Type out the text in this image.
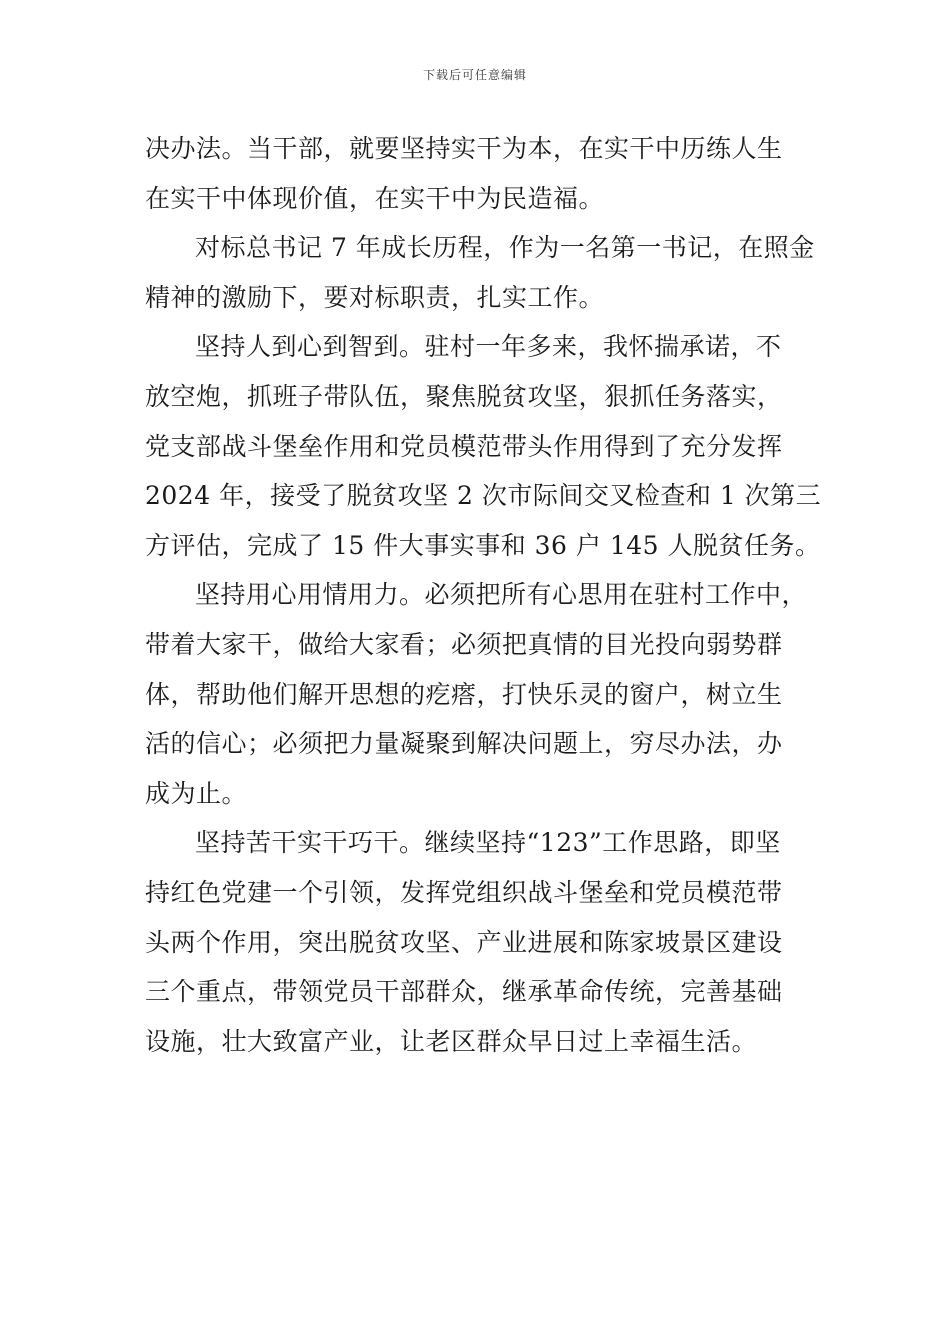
下载后可任意编辑
决办法。当干部，就要坚持实干为本，在实干中历练人生
在实干中体现价值，在实干中为民造福。
对标总书记 7 年成长历程，作为一名第一书记，在照金
精神的激励下，要对标职责，扎实工作。
坚持人到心到智到。驻村一年多来，我怀揣承诺，不
放空炮，抓班子带队伍，聚焦脱贫攻坚，狠抓任务落实，
党支部战斗堡垒作用和党员模范带头作用得到了充分发挥
2024 年，接受了脱贫攻坚 2 次市际间交叉检查和 1 次第三
方评估，完成了 15 件大事实事和 36 户 145 人脱贫任务。
坚持用心用情用力。必须把所有心思用在驻村工作中，
带着大家干，做给大家看；必须把真情的目光投向弱势群
体，帮助他们解开思想的疙瘩，打快乐灵的窗户，树立生
活的信心；必须把力量凝聚到解决问题上，穷尽办法，办
成为止。
坚持苦干实干巧干。继续坚持“123”工作思路，即坚
持红色党建一个引领，发挥党组织战斗堡垒和党员模范带
头两个作用，突出脱贫攻坚、产业进展和陈家坡景区建设
三个重点，带领党员干部群众，继承革命传统，完善基础
设施，壮大致富产业，让老区群众早日过上幸福生活。
